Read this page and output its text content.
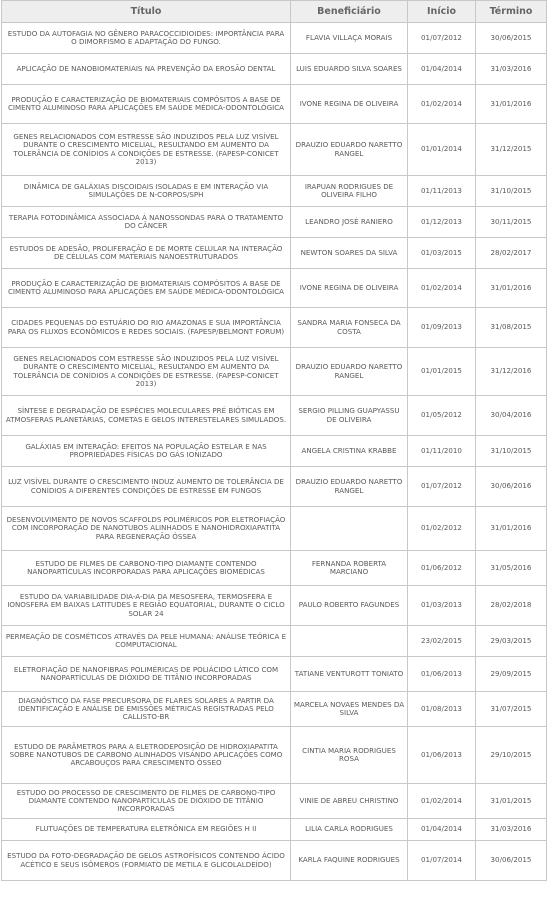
Título	Beneficiário	Início	Término
ESTUDO DA AUTOFAGIA NO GÊNERO PARACOCCIDIOIDES: IMPORTÂNCIA PARA O DIMORFISMO E ADAPTAÇÃO DO FUNGO.	FLAVIA VILLAÇA MORAIS	01/07/2012	30/06/2015
APLICAÇÃO DE NANOBIOMATERIAIS NA PREVENÇÃO DA EROSÃO DENTAL	LUIS EDUARDO SILVA SOARES	01/04/2014	31/03/2016
PRODUÇÃO E CARACTERIZAÇÃO DE BIOMATERIAIS COMPÓSITOS A BASE DE CIMENTO ALUMINOSO PARA APLICAÇÕES EM SAÚDE MÉDICA-ODONTOLÓGICA	IVONE REGINA DE OLIVEIRA	01/02/2014	31/01/2016
GENES RELACIONADOS COM ESTRESSE SÃO INDUZIDOS PELA LUZ VISÍVEL DURANTE O CRESCIMENTO MICELIAL, RESULTANDO EM AUMENTO DA TOLERÂNCIA DE CONÍDIOS A CONDIÇÕES DE ESTRESSE. (FAPESP-CONICET 2013)	DRAUZIO EDUARDO NARETTO RANGEL	01/01/2014	31/12/2015
DINÂMICA DE GALÁXIAS DISCOIDAIS ISOLADAS E EM INTERAÇÃO VIA SIMULAÇÕES DE N-CORPOS/SPH	IRAPUAN RODRIGUES DE OLIVEIRA FILHO	01/11/2013	31/10/2015
TERAPIA FOTODINÂMICA ASSOCIADA À NANOSSONDAS PARA O TRATAMENTO DO CÂNCER	LEANDRO JOSÉ RANIERO	01/12/2013	30/11/2015
ESTUDOS DE ADESÃO, PROLIFERAÇÃO E DE MORTE CELULAR NA INTERAÇÃO DE CÉLULAS COM MATERIAIS NANOESTRUTURADOS	NEWTON SOARES DA SILVA	01/03/2015	28/02/2017
PRODUÇÃO E CARACTERIZAÇÃO DE BIOMATERIAIS COMPÓSITOS A BASE DE CIMENTO ALUMINOSO PARA APLICAÇÕES EM SAÚDE MÉDICA-ODONTOLÓGICA	IVONE REGINA DE OLIVEIRA	01/02/2014	31/01/2016
CIDADES PEQUENAS DO ESTUÁRIO DO RIO AMAZONAS E SUA IMPORTÂNCIA PARA OS FLUXOS ECONÔMICOS E REDES SOCIAIS. (FAPESP/BELMONT FORUM)	SANDRA MARIA FONSECA DA COSTA	01/09/2013	31/08/2015
GENES RELACIONADOS COM ESTRESSE SÃO INDUZIDOS PELA LUZ VISÍVEL DURANTE O CRESCIMENTO MICELIAL, RESULTANDO EM AUMENTO DA TOLERÂNCIA DE CONÍDIOS A CONDIÇÕES DE ESTRESSE. (FAPESP-CONICET 2013)	DRAUZIO EDUARDO NARETTO RANGEL	01/01/2015	31/12/2016
SÍNTESE E DEGRADAÇÃO DE ESPÉCIES MOLECULARES PRÉ BIÓTICAS EM ATMOSFERAS PLANETÁRIAS, COMETAS E GELOS INTERESTELARES SIMULADOS.	SERGIO PILLING GUAPYASSU DE OLIVEIRA	01/05/2012	30/04/2016
GALÁXIAS EM INTERAÇÃO: EFEITOS NA POPULAÇÃO ESTELAR E NAS PROPRIEDADES FÍSICAS DO GÁS IONIZADO	ANGELA CRISTINA KRABBE	01/11/2010	31/10/2015
LUZ VISÍVEL DURANTE O CRESCIMENTO INDUZ AUMENTO DE TOLERÂNCIA DE CONÍDIOS A DIFERENTES CONDIÇÕES DE ESTRESSE EM FUNGOS	DRAUZIO EDUARDO NARETTO RANGEL	01/07/2012	30/06/2016
DESENVOLVIMENTO DE NOVOS SCAFFOLDS POLIMÉRICOS POR ELETROFIAÇÃO COM INCORPORAÇÃO DE NANOTUBOS ALINHADOS E NANOHIDROXIAPATITA PARA REGENERAÇÃO ÓSSEA		01/02/2012	31/01/2016
ESTUDO DE FILMES DE CARBONO-TIPO DIAMANTE CONTENDO NANOPARTÍCULAS INCORPORADAS PARA APLICAÇÕES BIOMÉDICAS	FERNANDA ROBERTA MARCIANO	01/06/2012	31/05/2016
ESTUDO DA VARIABILIDADE DIA-A-DIA DA MESOSFERA, TERMOSFERA E IONOSFERA EM BAIXAS LATITUDES E REGIÃO EQUATORIAL, DURANTE O CICLO SOLAR 24	PAULO ROBERTO FAGUNDES	01/03/2013	28/02/2018
PERMEAÇÃO DE COSMÉTICOS ATRAVÉS DA PELE HUMANA: ANÁLISE TEÓRICA E COMPUTACIONAL		23/02/2015	29/03/2015
ELETROFIAÇÃO DE NANOFIBRAS POLIMÉRICAS DE POLIÁCIDO LÁTICO COM NANOPARTÍCULAS DE DIÓXIDO DE TITÂNIO INCORPORADAS	TATIANE VENTUROTT TONIATO	01/06/2013	29/09/2015
DIAGNÓSTICO DA FASE PRECURSORA DE FLARES SOLARES A PARTIR DA IDENTIFICAÇÃO E ANÁLISE DE EMISSÕES MÉTRICAS REGISTRADAS PELO CALLISTO-BR	MARCELA NOVAES MENDES DA SILVA	01/08/2013	31/07/2015
ESTUDO DE PARÂMETROS PARA A ELETRODEPOSIÇÃO DE HIDROXIAPATITA SOBRE NANOTUBOS DE CARBONO ALINHADOS VISANDO APLICAÇÕES COMO ARCABOUÇOS PARA CRESCIMENTO ÓSSEO	CINTIA MARIA RODRIGUES ROSA	01/06/2013	29/10/2015
ESTUDO DO PROCESSO DE CRESCIMENTO DE FILMES DE CARBONO-TIPO DIAMANTE CONTENDO NANOPARTÍCULAS DE DIÓXIDO DE TITÂNIO INCORPORADAS	VINIE DE ABREU CHRISTINO	01/02/2014	31/01/2015
FLUTUAÇÕES DE TEMPERATURA ELETRÔNICA EM REGIÕES H II	LILIA CARLA RODRIGUES	01/04/2014	31/03/2016
ESTUDO DA FOTO-DEGRADAÇÃO DE GELOS ASTROFÍSICOS CONTENDO ÁCIDO ACÉTICO E SEUS ISÔMEROS (FORMIATO DE METILA E GLICOLALDEÍDO)	KARLA FAQUINE RODRIGUES	01/07/2014	30/06/2015
